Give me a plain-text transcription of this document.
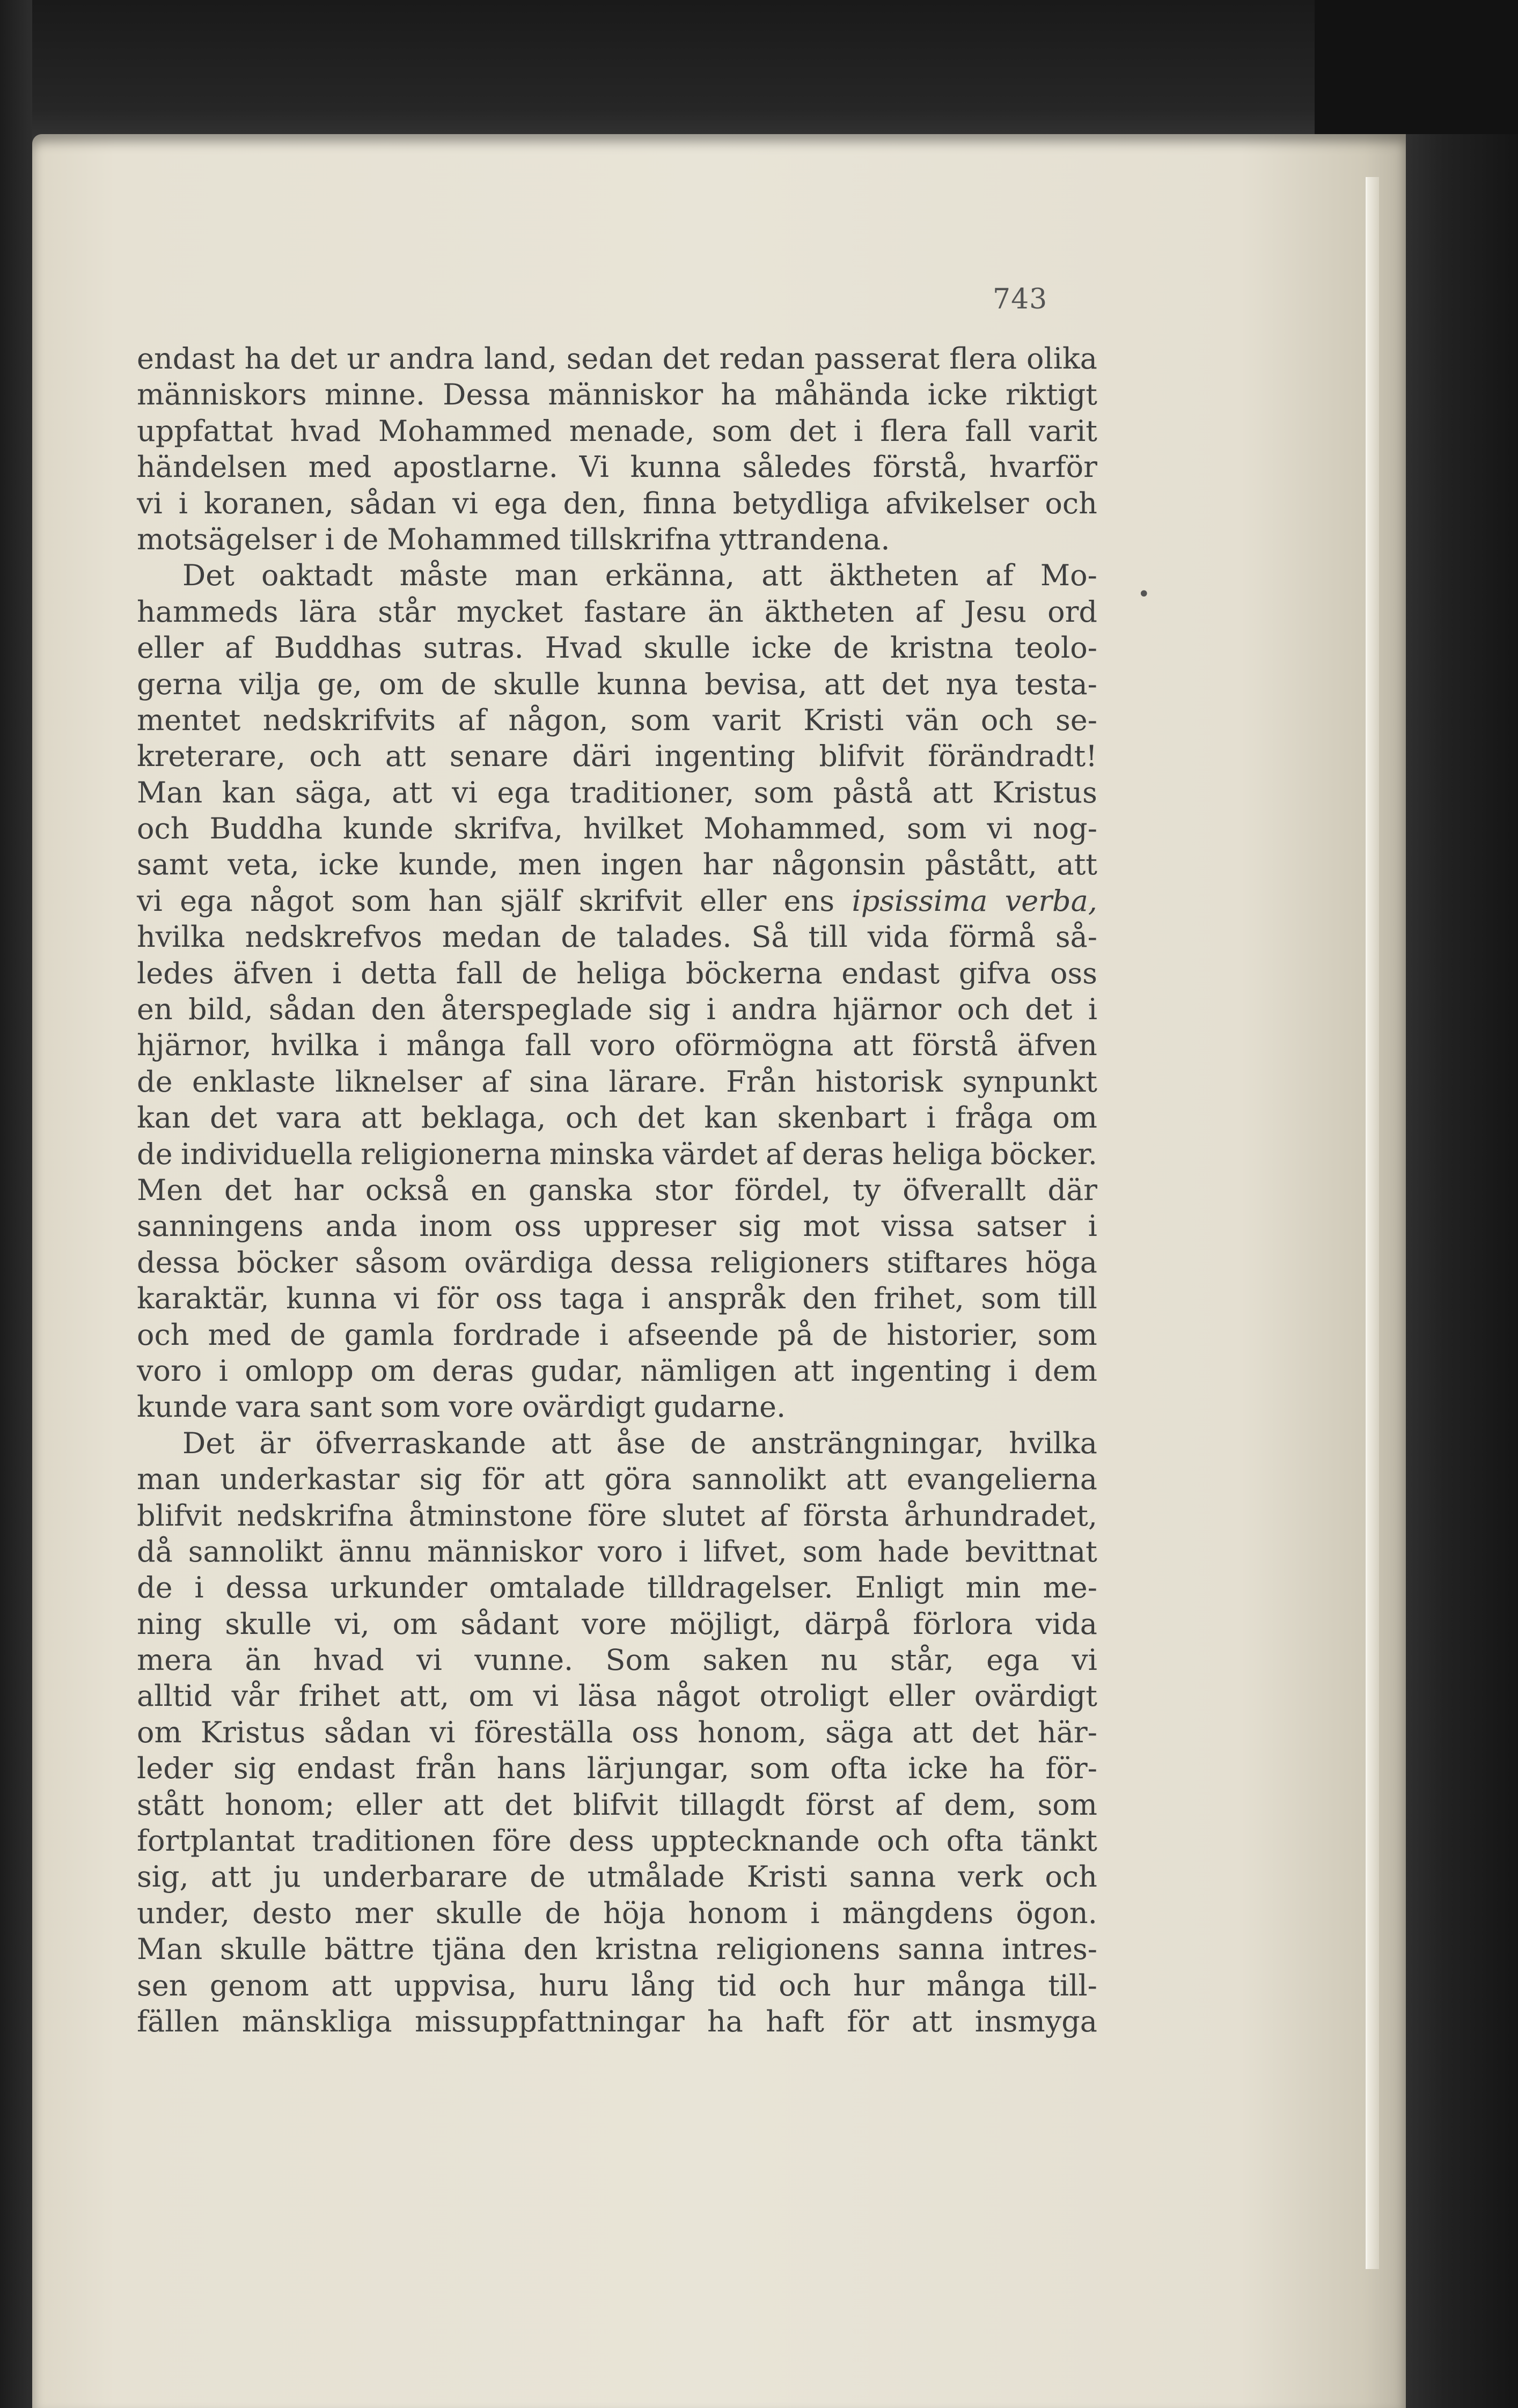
743
•
endast ha det ur andra land, sedan det redan passerat flera olika
människors minne. Dessa människor ha måhända icke riktigt
uppfattat hvad Mohammed menade, som det i flera fall varit
händelsen med apostlarne. Vi kunna således förstå, hvarför
vi i koranen, sådan vi ega den, finna betydliga afvikelser och
motsägelser i de Mohammed tillskrifna yttrandena.
Det oaktadt måste man erkänna, att äktheten af Mo-
hammeds lära står mycket fastare än äktheten af Jesu ord
eller af Buddhas sutras. Hvad skulle icke de kristna teolo-
gerna vilja ge, om de skulle kunna bevisa, att det nya testa-
mentet nedskrifvits af någon, som varit Kristi vän och se-
kreterare, och att senare däri ingenting blifvit förändradt!
Man kan säga, att vi ega traditioner, som påstå att Kristus
och Buddha kunde skrifva, hvilket Mohammed, som vi nog-
samt veta, icke kunde, men ingen har någonsin påstått, att
vi ega något som han själf skrifvit eller ens ipsissima verba,
hvilka nedskrefvos medan de talades. Så till vida förmå så-
ledes äfven i detta fall de heliga böckerna endast gifva oss
en bild, sådan den återspeglade sig i andra hjärnor och det i
hjärnor, hvilka i många fall voro oförmögna att förstå äfven
de enklaste liknelser af sina lärare. Från historisk synpunkt
kan det vara att beklaga, och det kan skenbart i fråga om
de individuella religionerna minska värdet af deras heliga böcker.
Men det har också en ganska stor fördel, ty öfverallt där
sanningens anda inom oss uppreser sig mot vissa satser i
dessa böcker såsom ovärdiga dessa religioners stiftares höga
karaktär, kunna vi för oss taga i anspråk den frihet, som till
och med de gamla fordrade i afseende på de historier, som
voro i omlopp om deras gudar, nämligen att ingenting i dem
kunde vara sant som vore ovärdigt gudarne.
Det är öfverraskande att åse de ansträngningar, hvilka
man underkastar sig för att göra sannolikt att evangelierna
blifvit nedskrifna åtminstone före slutet af första århundradet,
då sannolikt ännu människor voro i lifvet, som hade bevittnat
de i dessa urkunder omtalade tilldragelser. Enligt min me-
ning skulle vi, om sådant vore möjligt, därpå förlora vida
mera än hvad vi vunne. Som saken nu står, ega vi
alltid vår frihet att, om vi läsa något otroligt eller ovärdigt
om Kristus sådan vi föreställa oss honom, säga att det här-
leder sig endast från hans lärjungar, som ofta icke ha för-
stått honom; eller att det blifvit tillagdt först af dem, som
fortplantat traditionen före dess upptecknande och ofta tänkt
sig, att ju underbarare de utmålade Kristi sanna verk och
under, desto mer skulle de höja honom i mängdens ögon.
Man skulle bättre tjäna den kristna religionens sanna intres-
sen genom att uppvisa, huru lång tid och hur många till-
fällen mänskliga missuppfattningar ha haft för att insmyga
